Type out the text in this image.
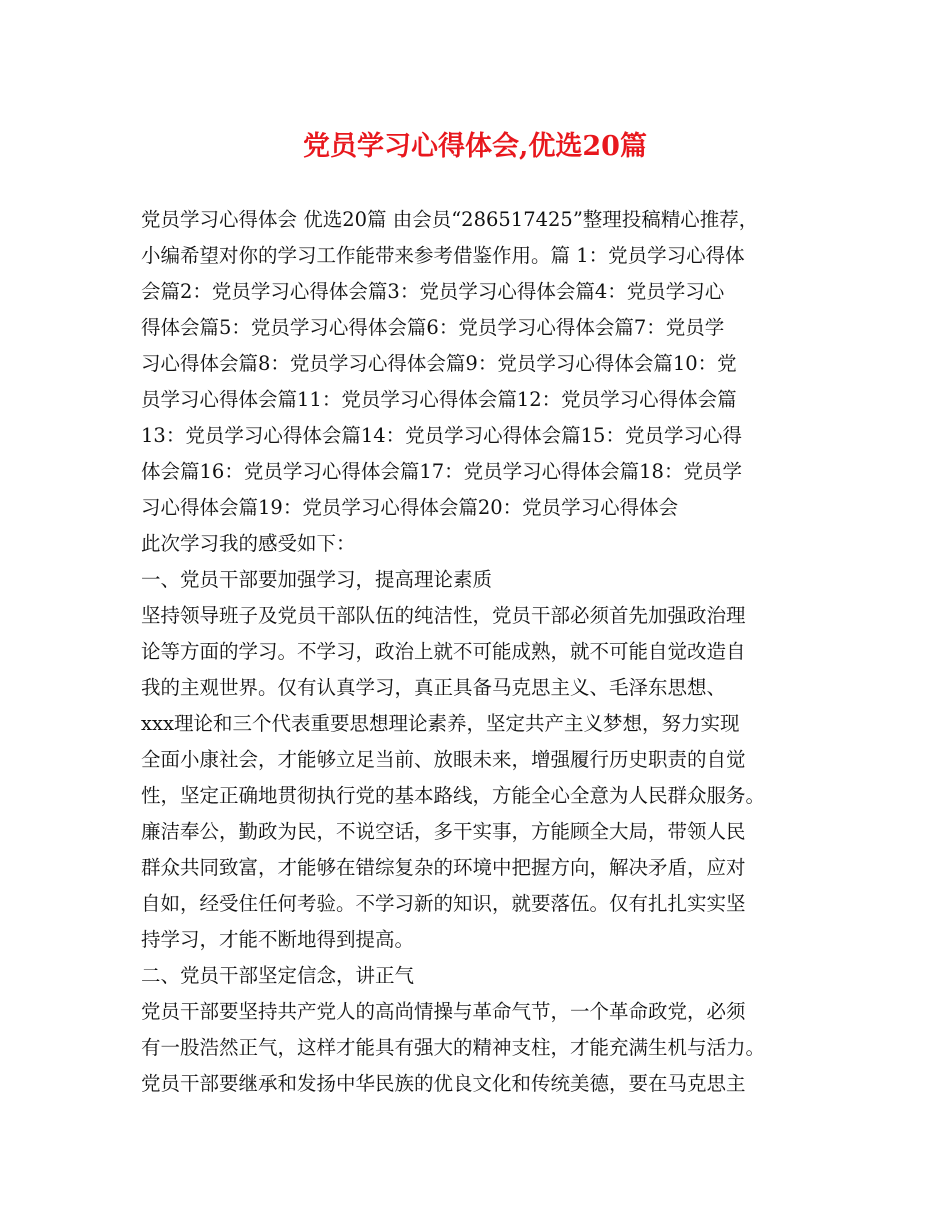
党员学习心得体会,优选20篇
党员学习心得体会 优选20篇 由会员“286517425”整理投稿精心推荐，
小编希望对你的学习工作能带来参考借鉴作用。篇 1：党员学习心得体
会篇2：党员学习心得体会篇3：党员学习心得体会篇4：党员学习心
得体会篇5：党员学习心得体会篇6：党员学习心得体会篇7：党员学
习心得体会篇8：党员学习心得体会篇9：党员学习心得体会篇10：党
员学习心得体会篇11：党员学习心得体会篇12：党员学习心得体会篇
13：党员学习心得体会篇14：党员学习心得体会篇15：党员学习心得
体会篇16：党员学习心得体会篇17：党员学习心得体会篇18：党员学
习心得体会篇19：党员学习心得体会篇20：党员学习心得体会
此次学习我的感受如下：
一、党员干部要加强学习，提高理论素质
坚持领导班子及党员干部队伍的纯洁性，党员干部必须首先加强政治理
论等方面的学习。不学习，政治上就不可能成熟，就不可能自觉改造自
我的主观世界。仅有认真学习，真正具备马克思主义、毛泽东思想、
xxx理论和三个代表重要思想理论素养，坚定共产主义梦想，努力实现
全面小康社会，才能够立足当前、放眼未来，增强履行历史职责的自觉
性，坚定正确地贯彻执行党的基本路线，方能全心全意为人民群众服务。
廉洁奉公，勤政为民，不说空话，多干实事，方能顾全大局，带领人民
群众共同致富，才能够在错综复杂的环境中把握方向，解决矛盾，应对
自如，经受住任何考验。不学习新的知识，就要落伍。仅有扎扎实实坚
持学习，才能不断地得到提高。
二、党员干部坚定信念，讲正气
党员干部要坚持共产党人的高尚情操与革命气节，一个革命政党，必须
有一股浩然正气，这样才能具有强大的精神支柱，才能充满生机与活力。
党员干部要继承和发扬中华民族的优良文化和传统美德，要在马克思主
